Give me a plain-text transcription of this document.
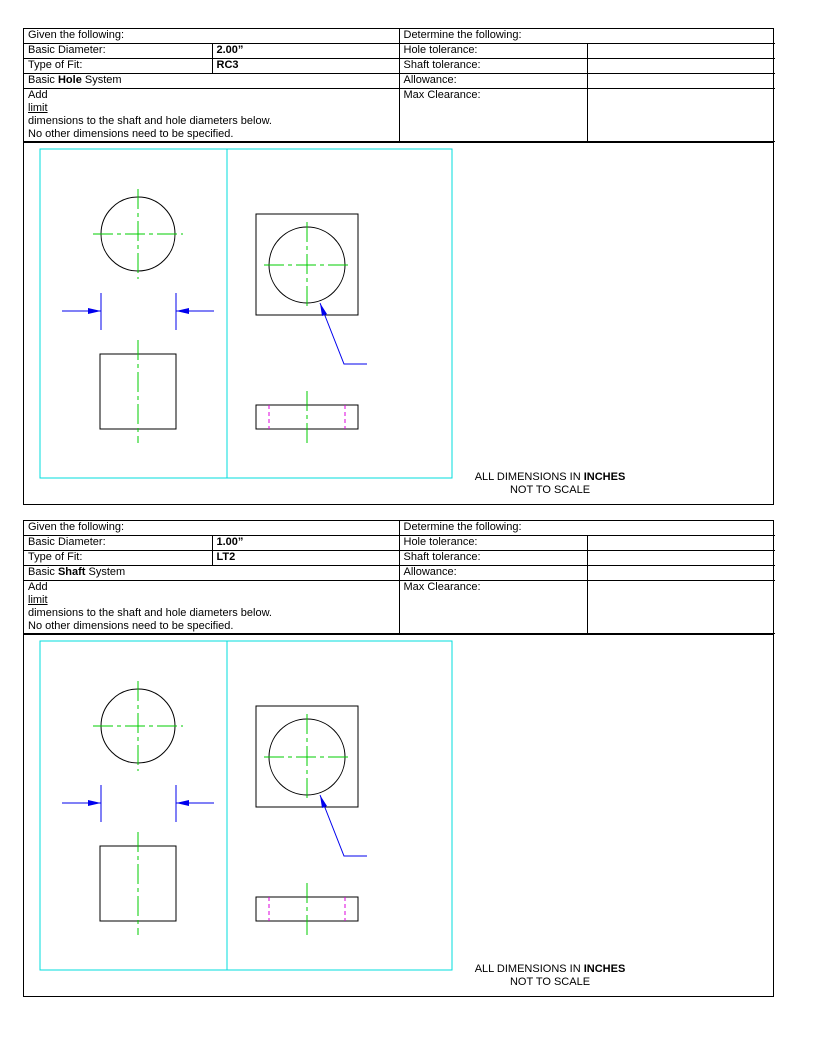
Given the following:		Determine the following:	
Basic Diameter:	2.00”	Hole tolerance:	
Type of Fit:	RC3	Shaft tolerance:	
Basic Hole System		Allowance:	

Add
limit
dimensions to the shaft and hole diameters below.
No other dimensions need to be specified.		Max Clearance:	
ALL DIMENSIONS IN INCHES
NOT TO SCALE
Given the following:		Determine the following:	
Basic Diameter:	1.00”	Hole tolerance:	
Type of Fit:	LT2	Shaft tolerance:	
Basic Shaft System		Allowance:	

Add
limit
dimensions to the shaft and hole diameters below.
No other dimensions need to be specified.		Max Clearance:	
ALL DIMENSIONS IN INCHES
NOT TO SCALE
